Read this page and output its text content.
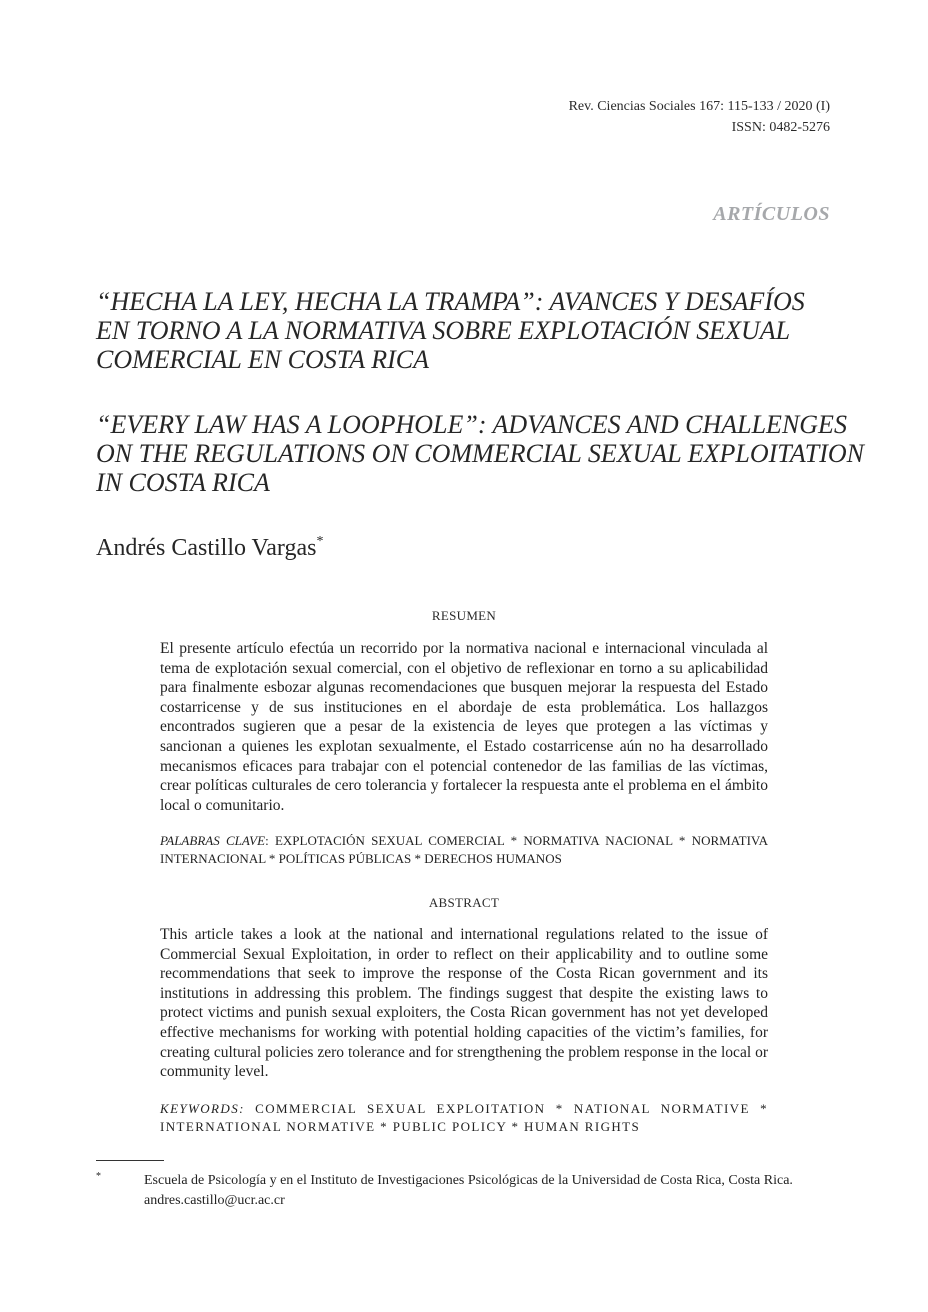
Rev. Ciencias Sociales 167: 115-133 / 2020 (I)
ISSN: 0482-5276
ARTÍCULOS
“HECHA LA LEY, HECHA LA TRAMPA”: AVANCES Y DESAFÍOS
EN TORNO A LA NORMATIVA SOBRE EXPLOTACIÓN SEXUAL
COMERCIAL EN COSTA RICA
“EVERY LAW HAS A LOOPHOLE”: ADVANCES AND CHALLENGES
ON THE REGULATIONS ON COMMERCIAL SEXUAL EXPLOITATION
IN COSTA RICA
Andrés Castillo Vargas*
RESUMEN
El presente artículo efectúa un recorrido por la normativa nacional e internacional vinculada al tema de explotación sexual comercial, con el objetivo de reflexionar en torno a su aplicabilidad para finalmente esbozar algunas recomendaciones que busquen mejorar la respuesta del Estado costarricense y de sus instituciones en el abordaje de esta problemática. Los hallazgos encontrados sugieren que a pesar de la existencia de leyes que protegen a las víctimas y sancionan a quienes les explotan sexualmente, el Estado costarricense aún no ha desarrollado mecanismos eficaces para trabajar con el potencial contenedor de las familias de las víctimas, crear políticas culturales de cero tolerancia y fortalecer la respuesta ante el problema en el ámbito local o comunitario.
PALABRAS CLAVE: EXPLOTACIÓN SEXUAL COMERCIAL * NORMATIVA NACIONAL * NORMATIVA INTERNACIONAL * POLÍTICAS PÚBLICAS * DERECHOS HUMANOS
ABSTRACT
This article takes a look at the national and international regulations related to the issue of Commercial Sexual Exploitation, in order to reflect on their applicability and to outline some recommendations that seek to improve the response of the Costa Rican government and its institutions in addressing this problem. The findings suggest that despite the existing laws to protect victims and punish sexual exploiters, the Costa Rican government has not yet developed effective mechanisms for working with potential holding capacities of the victim’s families, for creating cultural policies zero tolerance and for strengthening the problem response in the local or community level.
KEYWORDS: COMMERCIAL SEXUAL EXPLOITATION * NATIONAL NORMATIVE * INTERNATIONAL NORMATIVE * PUBLIC POLICY * HUMAN RIGHTS
*	Escuela de Psicología y en el Instituto de Investigaciones Psicológicas de la Universidad de Costa Rica, Costa Rica.
andres.castillo@ucr.ac.cr
